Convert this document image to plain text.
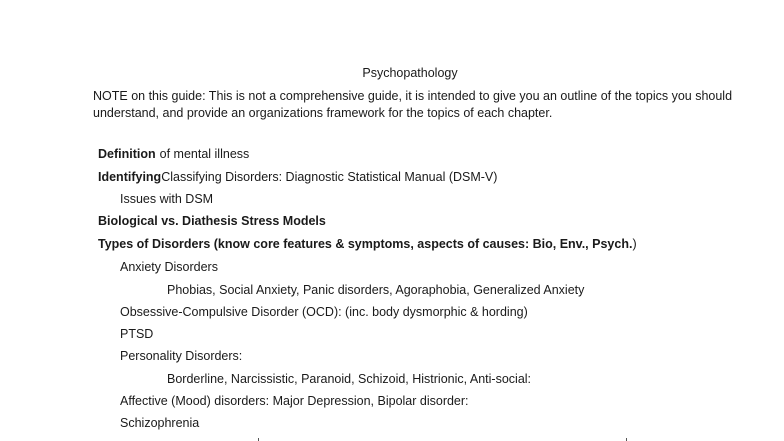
Psychopathology
NOTE on this guide: This is not a comprehensive guide, it is intended to give you an outline of the topics you should understand, and provide an organizations framework for the topics of each chapter.
Definition of mental illness
IdentifyingClassifying Disorders: Diagnostic Statistical Manual (DSM-V)
Issues with DSM
Biological vs. Diathesis Stress Models
Types of Disorders (know core features & symptoms, aspects of causes: Bio, Env., Psych.)
Anxiety Disorders
Phobias, Social Anxiety, Panic disorders, Agoraphobia, Generalized Anxiety
Obsessive-Compulsive Disorder (OCD): (inc. body dysmorphic & hording)
PTSD
Personality Disorders:
Borderline, Narcissistic, Paranoid, Schizoid, Histrionic, Anti-social:
Affective (Mood) disorders: Major Depression, Bipolar disorder:
Schizophrenia
